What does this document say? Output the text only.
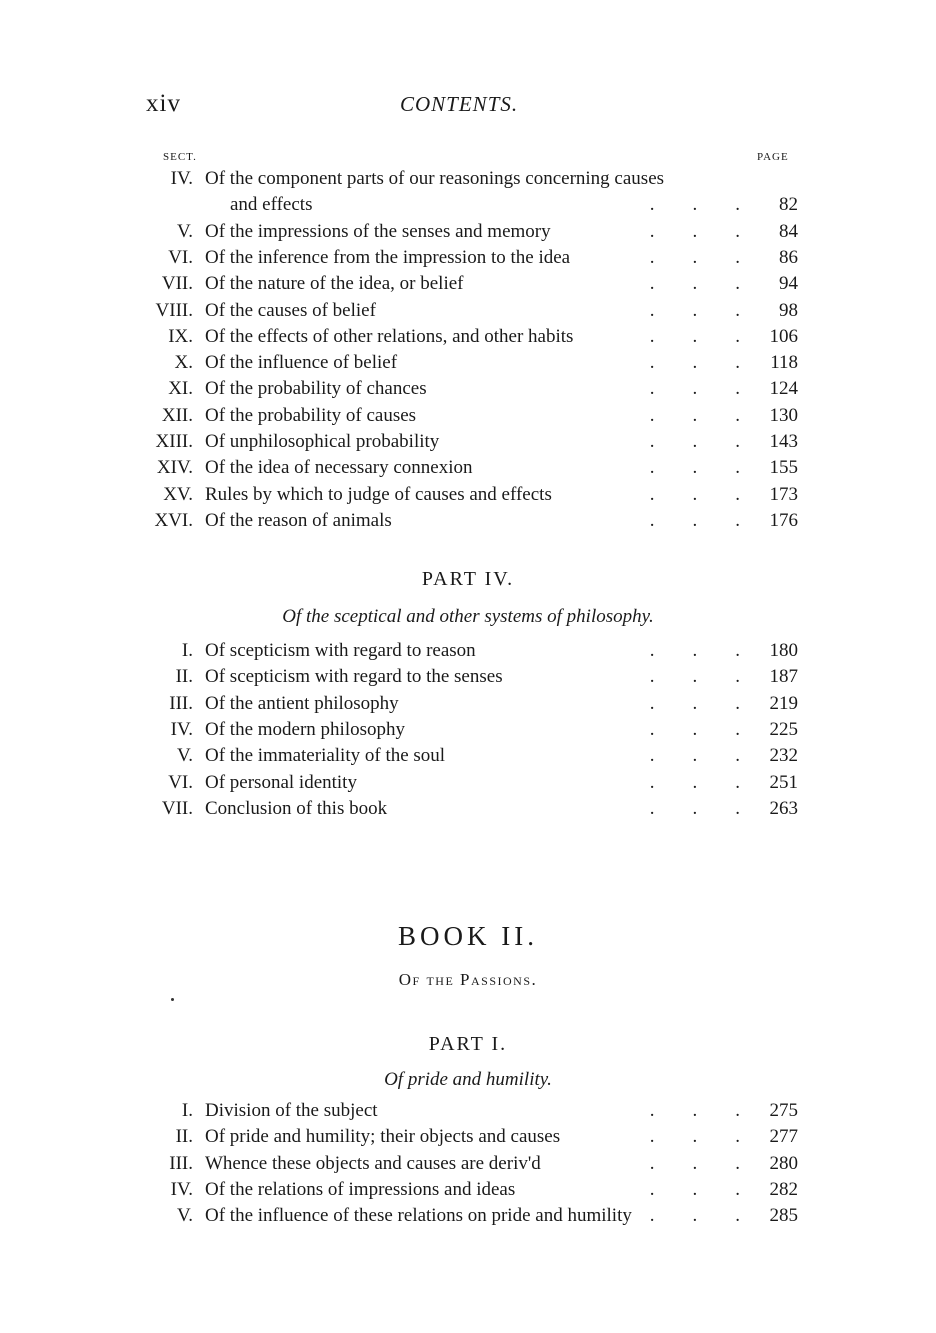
xiv	CONTENTS.
SECT.	PAGE
IV. Of the component parts of our reasonings concerning causes
and effects	.  .  .	82
V. Of the impressions of the senses and memory	.  .  .	84
VI. Of the inference from the impression to the idea	.  .  .	86
VII. Of the nature of the idea, or belief	.  .  .	94
VIII. Of the causes of belief	.  .  .	98
IX. Of the effects of other relations, and other habits	.  .  .	106
X. Of the influence of belief	.  .  .	118
XI. Of the probability of chances	.  .  .	124
XII. Of the probability of causes	.  .  .	130
XIII. Of unphilosophical probability	.  .  .	143
XIV. Of the idea of necessary connexion	.  .  .	155
XV. Rules by which to judge of causes and effects	.  .  .	173
XVI. Of the reason of animals	.  .  .	176
PART IV.
Of the sceptical and other systems of philosophy.
I. Of scepticism with regard to reason	.  .  .	180
II. Of scepticism with regard to the senses	.  .  .	187
III. Of the antient philosophy	.  .  .	219
IV. Of the modern philosophy	.  .  .	225
V. Of the immateriality of the soul	.  .  .	232
VI. Of personal identity	.  .  .	251
VII. Conclusion of this book	.  .  .	263
BOOK II.
Of the Passions.
PART I.
Of pride and humility.
I. Division of the subject	.  .  .	275
II. Of pride and humility; their objects and causes	.  .  .	277
III. Whence these objects and causes are deriv'd	.  .  .	280
IV. Of the relations of impressions and ideas	.  .  .	282
V. Of the influence of these relations on pride and humility .  .  .	285
